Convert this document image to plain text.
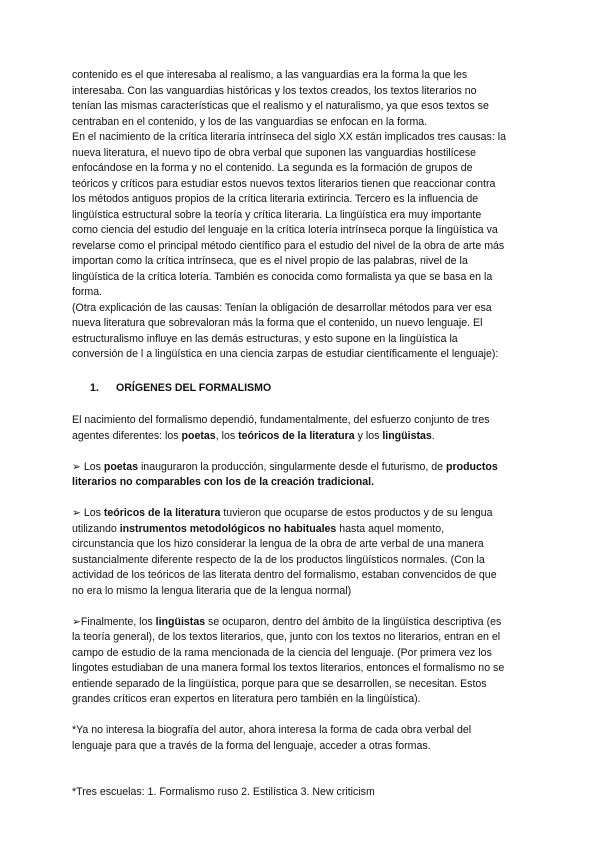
contenido es el que interesaba al realismo, a las vanguardias era la forma la que les

interesaba. Con las vanguardias históricas y los textos creados, los textos literarios no

tenían las mismas características que el realismo y el naturalismo, ya que esos textos se

centraban en el contenido, y los de las vanguardias se enfocan en la forma.

En el nacimiento de la crítica literaria intrínseca del siglo XX están implicados tres causas: la

nueva literatura, el nuevo tipo de obra verbal que suponen las vanguardias hostilícese

enfocándose en la forma y no el contenido. La segunda es la formación de grupos de

teóricos y críticos para estudiar estos nuevos textos literarios tienen que reaccionar contra

los métodos antiguos propios de la crítica literaria extirincia. Tercero es la influencia de

lingüística estructural sobre la teoría y crítica literaria. La lingüística era muy importante

como ciencia del estudio del lenguaje en la crítica lotería intrínseca porque la lingüística va

revelarse como el principal método científico para el estudio del nivel de la obra de arte más

importan como la crítica intrínseca, que es el nivel propio de las palabras, nivel de la

lingüística de la crítica lotería. También es conocida como formalista ya que se basa en la

forma.

(Otra explicación de las causas: Tenían la obligación de desarrollar métodos para ver esa

nueva literatura que sobrevaloran más la forma que el contenido, un nuevo lenguaje. El

estructuralismo influye en las demás estructuras, y esto supone en la lingüística la

conversión de l a lingüística en una ciencia zarpas de estudiar científicamente el lenguaje):

1. ORÍGENES DEL FORMALISMO

El nacimiento del formalismo dependió, fundamentalmente, del esfuerzo conjunto de tres

agentes diferentes: los poetas, los teóricos de la literatura y los lingüistas.

➢ Los poetas inauguraron la producción, singularmente desde el futurismo, de productos

literarios no comparables con los de la creación tradicional.

➢ Los teóricos de la literatura tuvieron que ocuparse de estos productos y de su lengua

utilizando instrumentos metodológicos no habituales hasta aquel momento,

circunstancia que los hizo considerar la lengua de la obra de arte verbal de una manera

sustancialmente diferente respecto de la de los productos lingüísticos normales. (Con la

actividad de los teóricos de las literata dentro del formalismo, estaban convencidos de que

no era lo mismo la lengua literaria que de la lengua normal)

➢Finalmente, los lingüistas se ocuparon, dentro del ámbito de la lingüística descriptiva (es

la teoría general), de los textos literarios, que, junto con los textos no literarios, entran en el

campo de estudio de la rama mencionada de la ciencia del lenguaje. (Por primera vez los

lingotes estudiaban de una manera formal los textos literarios, entonces el formalismo no se

entiende separado de la lingüística, porque para que se desarrollen, se necesitan. Estos

grandes críticos eran expertos en literatura pero también en la lingüística).

*Ya no interesa la biografía del autor, ahora interesa la forma de cada obra verbal del

lenguaje para que a través de la forma del lenguaje, acceder a otras formas.

*Tres escuelas: 1. Formalismo ruso 2. Estilística 3. New criticism
